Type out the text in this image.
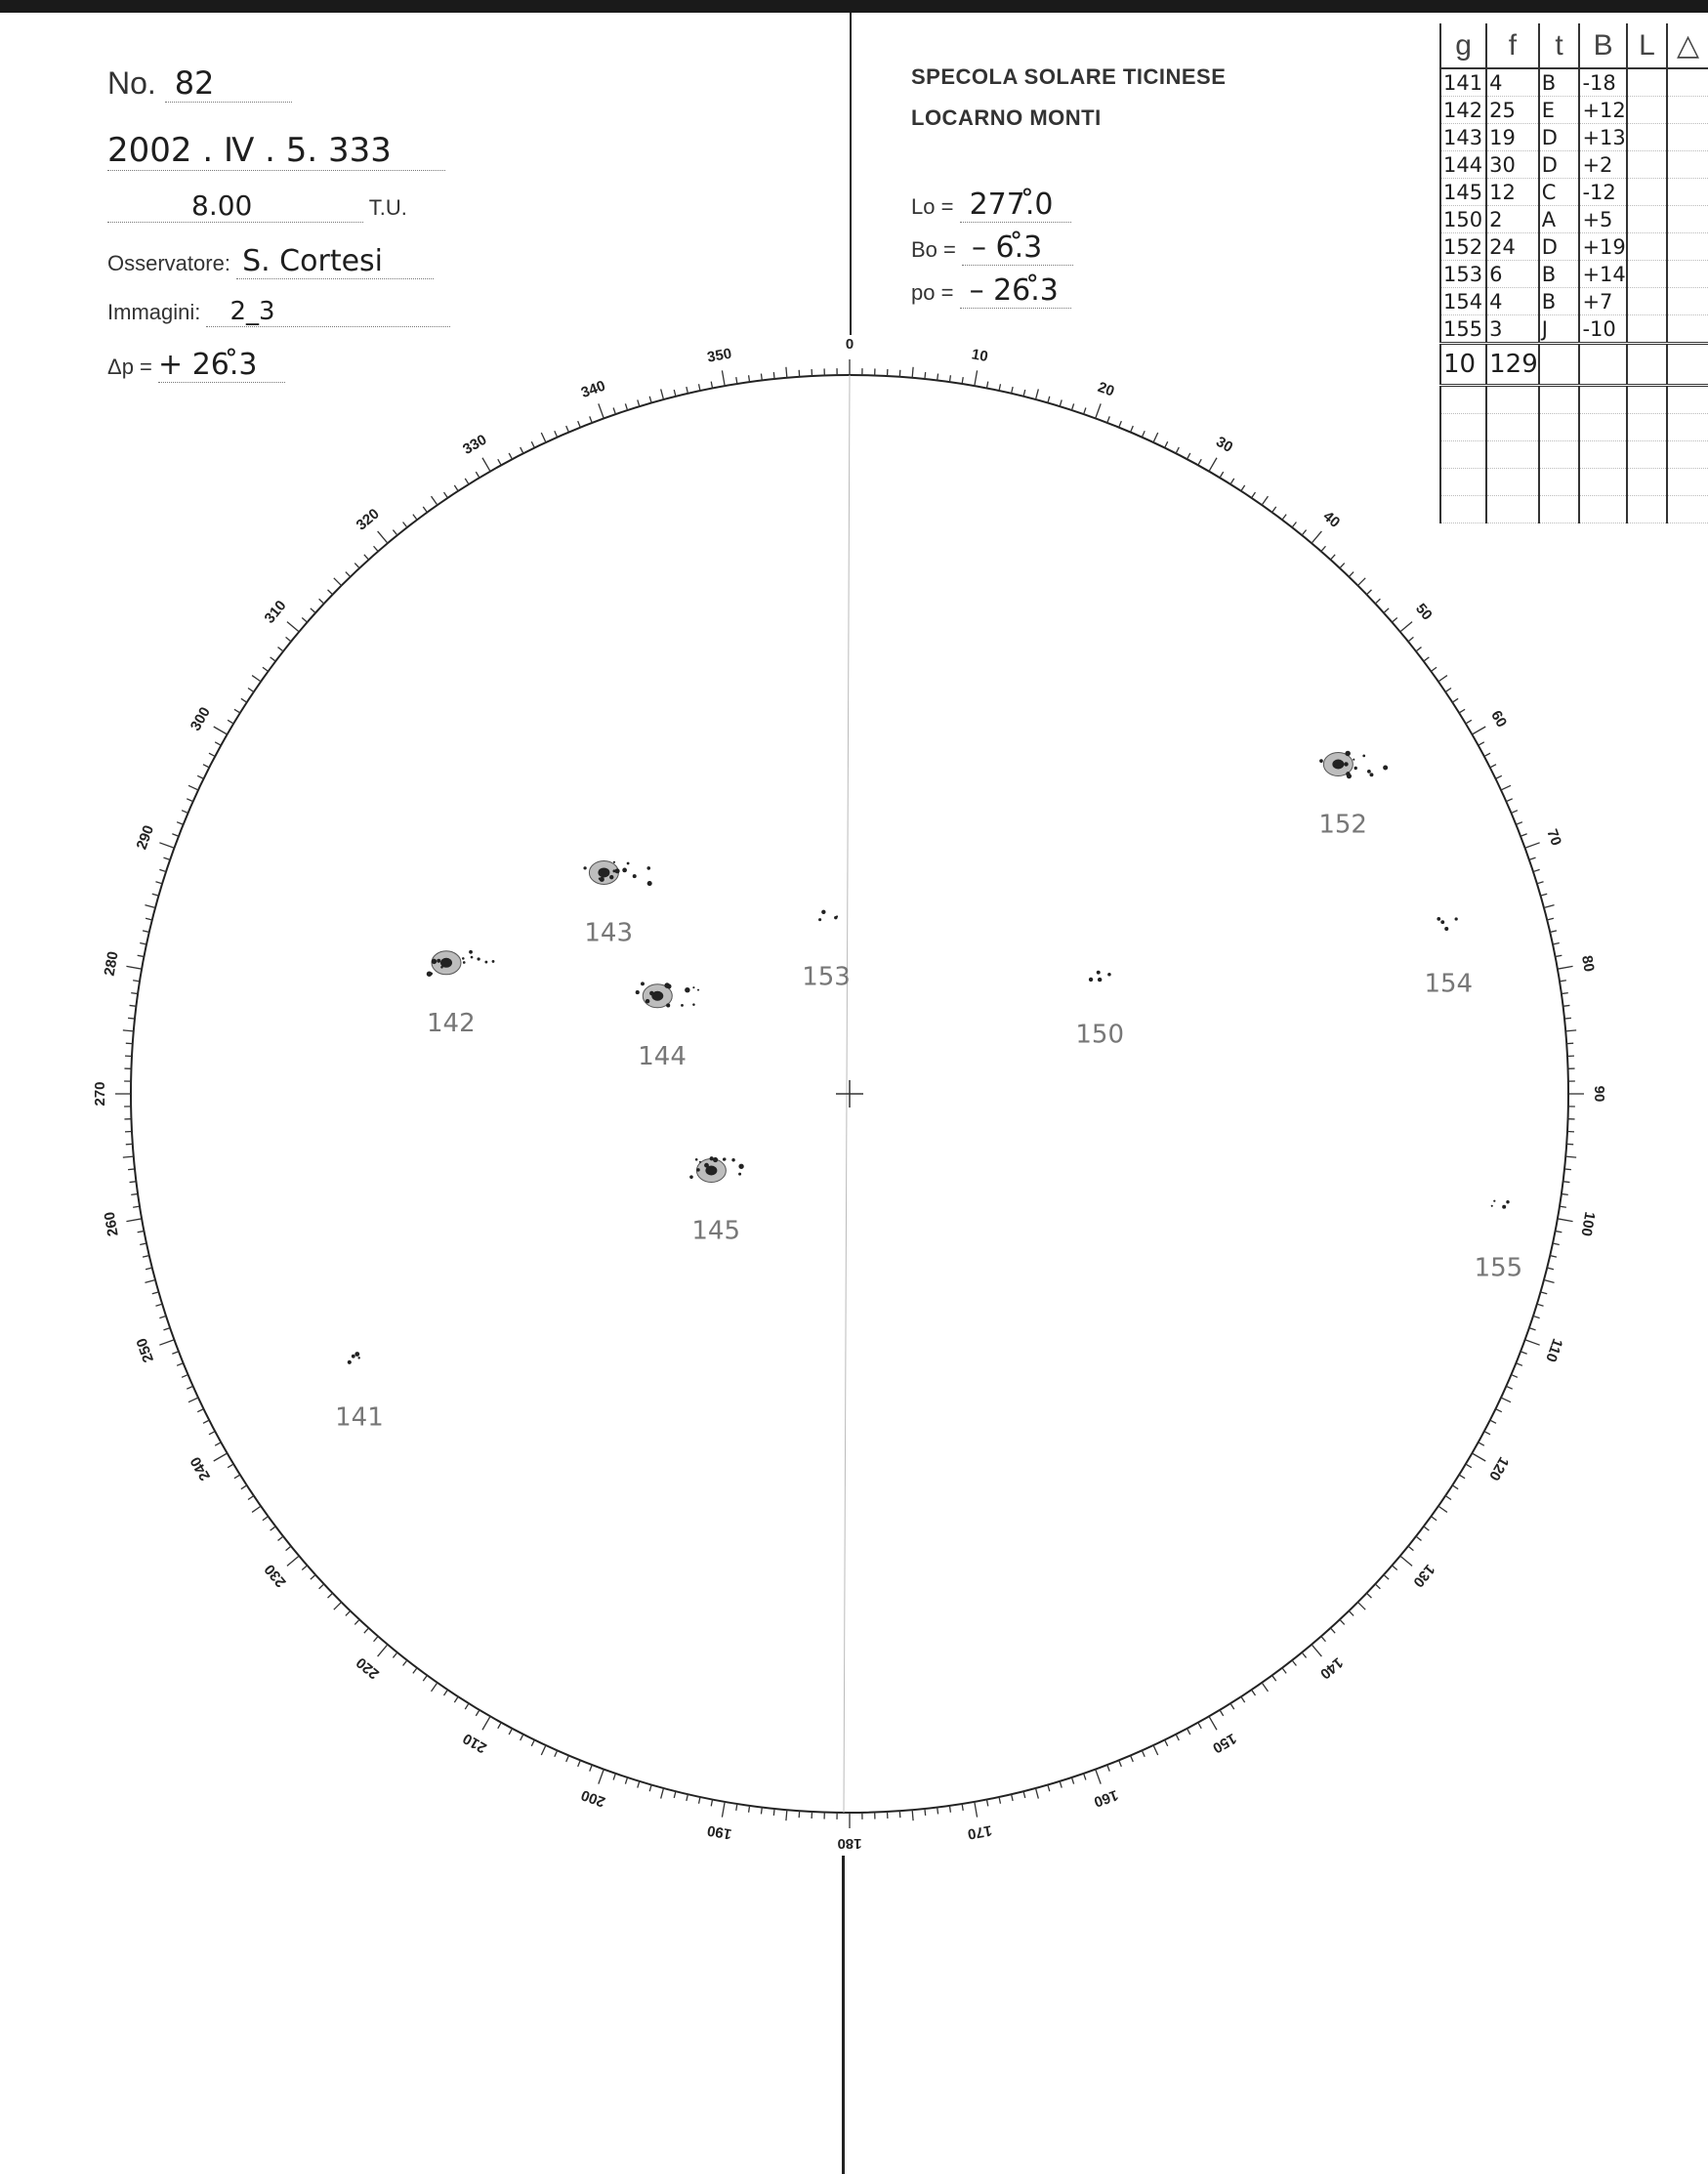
No. 82
2002 . Ⅳ . 5. 333
8.00	T.U.
Osservatore: S. Cortesi
Immagini: 2_3
Δp = + 26.̊3
SPECOLA SOLARE TICINESE
LOCARNO MONTI
Lo = 277.̊0
Bo = – 6.̊3
po = – 26.̊3
g	f	t	B	L	△
141	4	B	-18		
142	25	E	+12		
143	19	D	+13		
144	30	D	+2		
145	12	C	-12		
150	2	A	+5		
152	24	D	+19		
153	6	B	+14		
154	4	B	+7		
155	3	J	-10		
10	129				

0
10
20
30
40
50
60
70
80
90
100
110
120
130
140
150
160
170
180
190
200
210
220
230
240
250
260
270
280
290
300
310
320
330
340
350
141
142
143
144
145
150
152
153	154
155
